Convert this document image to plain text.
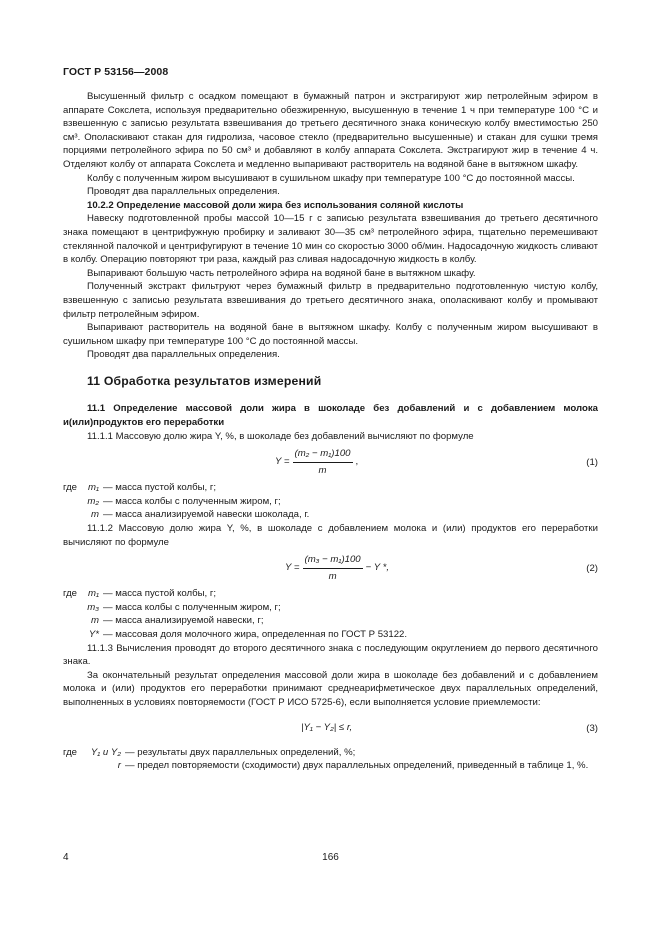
ГОСТ Р 53156—2008

Высушенный фильтр с осадком помещают в бумажный патрон и экстрагируют жир петролейным эфиром в аппарате Сокслета, используя предварительно обезжиренную, высушенную в течение 1 ч при температуре 100 °С и взвешенную с записью результата взвешивания до третьего десятичного знака коническую колбу вместимостью 250 см³. Ополаскивают стакан для гидролиза, часовое стекло (предварительно высушенные) и стакан для сушки тремя порциями петролейного эфира по 50 см³ и добавляют в колбу аппарата Сокслета. Экстрагируют жир в течение 4 ч. Отделяют колбу от аппарата Сокслета и медленно выпаривают растворитель на водяной бане в вытяжном шкафу.

Колбу с полученным жиром высушивают в сушильном шкафу при температуре 100 °С до постоянной массы.

Проводят два параллельных определения.

10.2.2 Определение массовой доли жира без использования соляной кислоты

Навеску подготовленной пробы массой 10—15 г с записью результата взвешивания до третьего десятичного знака помещают в центрифужную пробирку и заливают 30—35 см³ петролейного эфира, тщательно перемешивают стеклянной палочкой и центрифугируют в течение 10 мин со скоростью 3000 об/мин. Надосадочную жидкость сливают в колбу. Операцию повторяют три раза, каждый раз сливая надосадочную жидкость в колбу.

Выпаривают большую часть петролейного эфира на водяной бане в вытяжном шкафу.

Полученный экстракт фильтруют через бумажный фильтр в предварительно подготовленную чистую колбу, взвешенную с записью результата взвешивания до третьего десятичного знака, ополаскивают колбу и промывают фильтр петролейным эфиром.

Выпаривают растворитель на водяной бане в вытяжном шкафу. Колбу с полученным жиром высушивают в сушильном шкафу при температуре 100 °С до постоянной массы.

Проводят два параллельных определения.

11 Обработка результатов измерений
11.1 Определение массовой доли жира в шоколаде без добавлений и с добавлением молока и(или)продуктов его переработки

11.1.1 Массовую долю жира Y, %, в шоколаде без добавлений вычисляют по формуле

$Y = \frac{\text{(m₂ − m₁)100}}{m}$ ,	(1)
где m₁ — масса пустой колбы, г;
m₂ — масса колбы с полученным жиром, г;
m — масса анализируемой навески шоколада, г.

11.1.2 Массовую долю жира Y, %, в шоколаде с добавлением молока и (или) продуктов его переработки вычисляют по формуле

$Y = \frac{\text{(m₃ − m₁)100}}{m} - Y$ *,	(2)
где m₁ — масса пустой колбы, г;
m₃ — масса колбы с полученным жиром, г;
m — масса анализируемой навески, г;
Y* — массовая доля молочного жира, определенная по ГОСТ Р 53122.

11.1.3 Вычисления проводят до второго десятичного знака с последующим округлением до первого десятичного знака.

За окончательный результат определения массовой доли жира в шоколаде без добавлений и с добавлением молока и (или) продуктов его переработки принимают среднеарифметическое двух параллельных определений, выполненных в условиях повторяемости (ГОСТ Р ИСО 5725-6), если выполняется условие приемлемости:

|Y₁ − Y₂| ≤ r,	(3)
где Y₁ и Y₂ — результаты двух параллельных определений, %;
r — предел повторяемости (сходимости) двух параллельных определений, приведенный в таблице 1, %.
4	166
